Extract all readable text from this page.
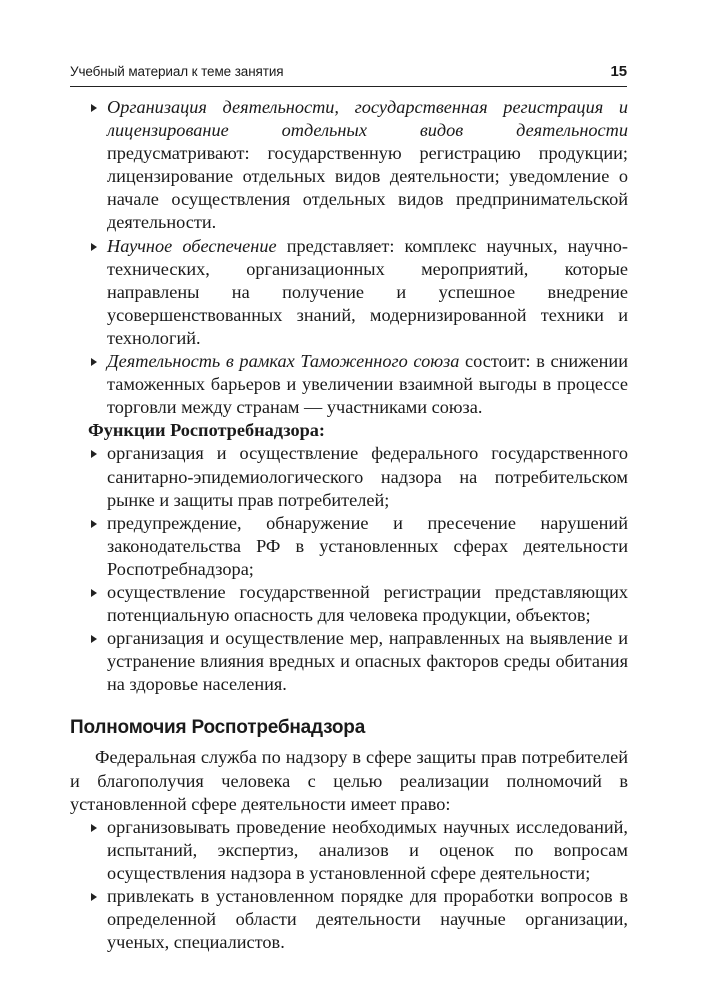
Учебный материал к теме занятия	15
Организация деятельности, государственная регистрация и лицензирование отдельных видов деятельности предусматривают: государственную регистрацию продукции; лицензирование отдельных видов деятельности; уведомление о начале осуществления отдельных видов предпринимательской деятельности.
Научное обеспечение представляет: комплекс научных, научно-технических, организационных мероприятий, которые направлены на получение и успешное внедрение усовершенствованных знаний, модернизированной техники и технологий.
Деятельность в рамках Таможенного союза состоит: в снижении таможенных барьеров и увеличении взаимной выгоды в процессе торговли между странам — участниками союза.
Функции Роспотребнадзора:
организация и осуществление федерального государственного санитарно-эпидемиологического надзора на потребительском рынке и защиты прав потребителей;
предупреждение, обнаружение и пресечение нарушений законодательства РФ в установленных сферах деятельности Роспотребнадзора;
осуществление государственной регистрации представляющих потенциальную опасность для человека продукции, объектов;
организация и осуществление мер, направленных на выявление и устранение влияния вредных и опасных факторов среды обитания на здоровье населения.
Полномочия Роспотребнадзора
Федеральная служба по надзору в сфере защиты прав потребителей и благополучия человека с целью реализации полномочий в установленной сфере деятельности имеет право:
организовывать проведение необходимых научных исследований, испытаний, экспертиз, анализов и оценок по вопросам осуществления надзора в установленной сфере деятельности;
привлекать в установленном порядке для проработки вопросов в определенной области деятельности научные организации, ученых, специалистов.
